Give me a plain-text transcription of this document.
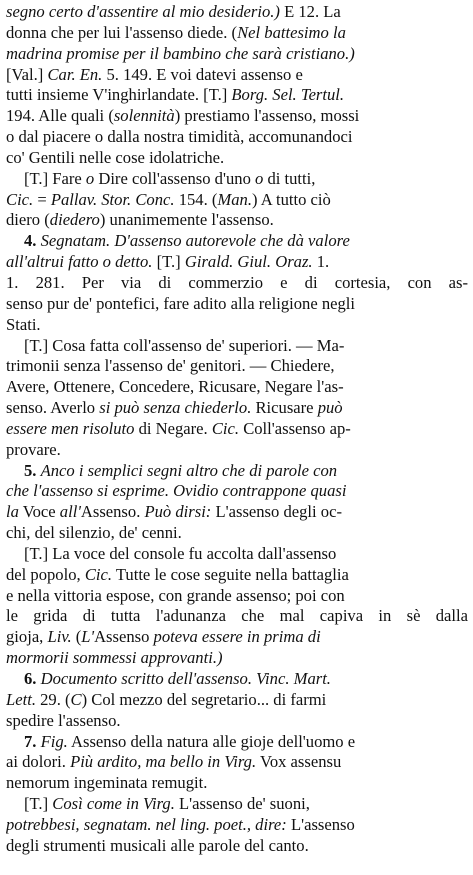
segno certo d'assentire al mio desiderio.) E 12. La
donna che per lui l'assenso diede. (Nel battesimo la
madrina promise per il bambino che sarà cristiano.)
[Val.] Car. En. 5. 149. E voi datevi assenso e
tutti insieme V'inghirlandate. [T.] Borg. Sel. Tertul.
194. Alle quali (solennità) prestiamo l'assenso, mossi
o dal piacere o dalla nostra timidità, accomunandoci
co' Gentili nelle cose idolatriche.
[T.] Fare o Dire coll'assenso d'uno o di tutti,
Cic. = Pallav. Stor. Conc. 154. (Man.) A tutto ciò
diero (diedero) unanimemente l'assenso.
4. Segnatam. D'assenso autorevole che dà valore
all'altrui fatto o detto. [T.] Girald. Giul. Oraz. 1.
1. 281. Per via di commerzio e di cortesia, con as-
senso pur de' pontefici, fare adito alla religione negli
Stati.
[T.] Cosa fatta coll'assenso de' superiori. — Ma-
trimonii senza l'assenso de' genitori. — Chiedere,
Avere, Ottenere, Concedere, Ricusare, Negare l'as-
senso. Averlo si può senza chiederlo. Ricusare può
essere men risoluto di Negare. Cic. Coll'assenso ap-
provare.
5. Anco i semplici segni altro che di parole con
che l'assenso si esprime. Ovidio contrappone quasi
la Voce all'Assenso. Può dirsi: L'assenso degli oc-
chi, del silenzio, de' cenni.
[T.] La voce del console fu accolta dall'assenso
del popolo, Cic. Tutte le cose seguite nella battaglia
e nella vittoria espose, con grande assenso; poi con
le grida di tutta l'adunanza che mal capiva in sè dalla
gioja, Liv. (L'Assenso poteva essere in prima di
mormorii sommessi approvanti.)
6. Documento scritto dell'assenso. Vinc. Mart.
Lett. 29. (C) Col mezzo del segretario... di farmi
spedire l'assenso.
7. Fig. Assenso della natura alle gioje dell'uomo e
ai dolori. Più ardito, ma bello in Virg. Vox assensu
nemorum ingeminata remugit.
[T.] Così come in Virg. L'assenso de' suoni,
potrebbesi, segnatam. nel ling. poet., dire: L'assenso
degli strumenti musicali alle parole del canto.
